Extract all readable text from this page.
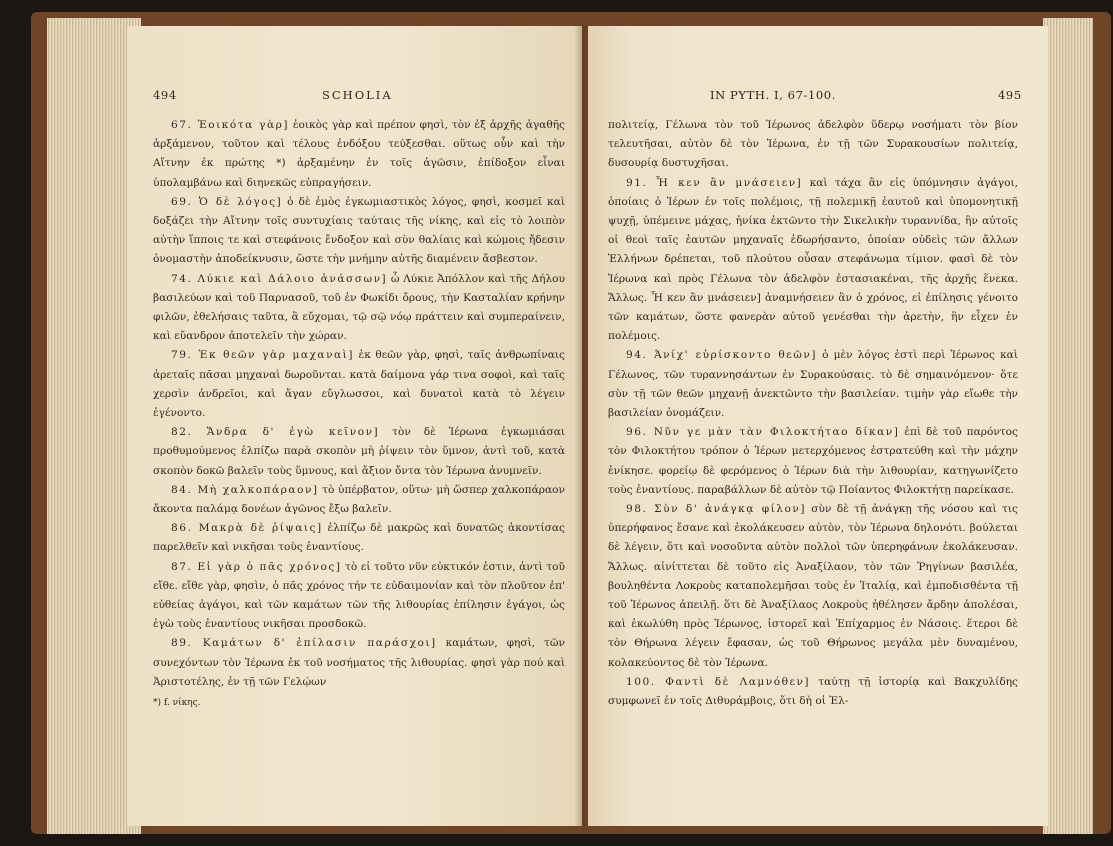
494	SCHOLIA

67. Ἐοικότα γὰρ] ἐοικὸς γὰρ καὶ πρέπον φησὶ, τὸν ἐξ ἀρχῆς ἀγαθῆς ἀρξάμενον, τοῦτον καὶ τέλους ἐνδόξου τεύξεσθαι. οὕτως οὖν καὶ τὴν Αἴτνην ἐκ πρώτης *) ἀρξαμένην ἐν τοῖς ἀγῶσιν, ἐπίδοξον εἶναι ὑπολαμβάνω καὶ διηνεκῶς εὐπραγήσειν.

69. Ὁ δὲ λόγος] ὁ δὲ ἐμὸς ἐγκωμιαστικὸς λόγος, φησὶ, κοσμεῖ καὶ δοξάζει τὴν Αἴτνην τοῖς συντυχίαις ταύταις τῆς νίκης, καὶ εἰς τὸ λοιπὸν αὐτὴν ἵπποις τε καὶ στεφάνοις ἔνδοξον καὶ σὺν θαλίαις καὶ κώμοις ἤδεσιν ὀνομαστὴν ἀποδείκνυσιν, ὥστε τὴν μνήμην αὐτῆς διαμένειν ἄσβεστον.

74. Λύκιε καὶ Δάλοιο ἀνάσσων] ὦ Λύκιε Ἀπόλλον καὶ τῆς Δήλου βασιλεύων καὶ τοῦ Παρνασοῦ, τοῦ ἐν Φωκίδι ὄρους, τὴν Κασταλίαν κρήνην φιλῶν, ἐθελήσαις ταῦτα, ἃ εὔχομαι, τῷ σῷ νόῳ πράττειν καὶ συμπεραίνειν, καὶ εὔανδρον ἀποτελεῖν τὴν χώραν.

79. Ἐκ θεῶν γὰρ μαχαναὶ] ἐκ θεῶν γὰρ, φησὶ, ταῖς ἀνθρωπίναις ἀρεταῖς πᾶσαι μηχαναὶ δωροῦνται. κατὰ δαίμονα γάρ τινα σοφοὶ, καὶ ταῖς χερσὶν ἀνδρεῖοι, καὶ ἄγαν εὔγλωσσοι, καὶ δυνατοὶ κατὰ τὸ λέγειν ἐγένοντο.

82. Ἄνδρα δ' ἐγὼ κεῖνον] τὸν δὲ Ἱέρωνα ἐγκωμιάσαι προθυμούμενος ἐλπίζω παρὰ σκοπὸν μὴ ῥίψειν τὸν ὕμνον, ἀντὶ τοῦ, κατὰ σκοπὸν δοκῶ βαλεῖν τοὺς ὕμνους, καὶ ἄξιον ὄντα τὸν Ἱέρωνα ἀνυμνεῖν.

84. Μὴ χαλκοπάραον] τὸ ὑπέρβατον, οὕτω· μὴ ὥσπερ χαλκοπάραον ἄκοντα παλάμᾳ δονέων ἀγῶνος ἔξω βαλεῖν.

86. Μακρὰ δὲ ῥίψαις] ἐλπίζω δὲ μακρῶς καὶ δυνατῶς ἀκοντίσας παρελθεῖν καὶ νικῆσαι τοὺς ἐναντίους.

87. Εἰ γὰρ ὁ πᾶς χρόνος] τὸ εἰ τοῦτο νῦν εὐκτικόν ἐστιν, ἀντὶ τοῦ εἴθε. εἴθε γὰρ, φησὶν, ὁ πᾶς χρόνος τήν τε εὐδαιμονίαν καὶ τὸν πλοῦτον ἐπ' εὐθείας ἀγάγοι, καὶ τῶν καμάτων τῶν τῆς λιθουρίας ἐπίλησιν ἐγάγοι, ὡς ἐγὼ τοὺς ἐναντίους νικῆσαι προσδοκῶ.

89. Καμάτων δ' ἐπίλασιν παράσχοι] καμάτων, φησὶ, τῶν συνεχόντων τὸν Ἱέρωνα ἐκ τοῦ νοσήματος τῆς λιθουρίας. φησὶ γὰρ πού καὶ Ἀριστοτέλης, ἐν τῇ τῶν Γελῴων

*) f. νίκης.
IN PYTH. I, 67-100.	495

πολιτείᾳ, Γέλωνα τὸν τοῦ Ἱέρωνος ἀδελφὸν ὕδερῳ νοσήματι τὸν βίον τελευτῆσαι, αὐτὸν δὲ τὸν Ἱέρωνα, ἐν τῇ τῶν Συρακουσίων πολιτείᾳ, δυσουρίᾳ δυστυχῆσαι.

91. Ἦ κεν ἂν μνάσειεν] καὶ τάχα ἂν εἰς ὑπόμνησιν ἀγάγοι, ὁποίαις ὁ Ἱέρων ἐν τοῖς πολέμοις, τῇ πολεμικῇ ἑαυτοῦ καὶ ὑπομονητικῇ ψυχῇ, ὑπέμεινε μάχας, ἡνίκα ἐκτῶντο τὴν Σικελικὴν τυραννίδα, ἣν αὐτοῖς οἱ θεοὶ ταῖς ἑαυτῶν μηχαναῖς ἐδωρήσαντο, ὁποίαν οὐδεὶς τῶν ἄλλων Ἑλλήνων δρέπεται, τοῦ πλούτου οὖσαν στεφάνωμα τίμιον. φασὶ δὲ τὸν Ἱέρωνα καὶ πρὸς Γέλωνα τὸν ἀδελφὸν ἐστασιακέναι, τῆς ἀρχῆς ἕνεκα. Ἄλλως. Ἦ κεν ἂν μνάσειεν] ἀναμνήσειεν ἂν ὁ χρόνος, εἰ ἐπίλησις γένοιτο τῶν καμάτων, ὥστε φανερὰν αὐτοῦ γενέσθαι τὴν ἀρετὴν, ἣν εἶχεν ἐν πολέμοις.

94. Ἀνίχ' εὑρίσκοντο θεῶν] ὁ μὲν λόγος ἐστὶ περὶ Ἱέρωνος καὶ Γέλωνος, τῶν τυραννησάντων ἐν Συρακούσαις. τὸ δὲ σημαινόμενον· ὅτε σὺν τῇ τῶν θεῶν μηχανῇ ἀνεκτῶντο τὴν βασιλείαν. τιμὴν γὰρ εἴωθε τὴν βασιλείαν ὀνομάζειν.

96. Νῦν γε μὰν τὰν Φιλοκτήταο δίκαν] ἐπὶ δὲ τοῦ παρόντος τὸν Φιλοκτήτου τρόπον ὁ Ἱέρων μετερχόμενος ἐστρατεύθη καὶ τὴν μάχην ἐνίκησε. φορείῳ δὲ φερόμενος ὁ Ἱέρων διὰ τὴν λιθουρίαν, κατηγωνίζετο τοὺς ἐναντίους. παραβάλλων δὲ αὐτὸν τῷ Ποίαντος Φιλοκτήτῃ παρείκασε.

98. Σὺν δ' ἀνάγκᾳ φίλον] σὺν δὲ τῇ ἀνάγκῃ τῆς νόσου καὶ τις ὑπερήφανος ἔσανε καὶ ἐκολάκευσεν αὐτὸν, τὸν Ἱέρωνα δηλονότι. βούλεται δὲ λέγειν, ὅτι καὶ νοσοῦντα αὐτὸν πολλοὶ τῶν ὑπερηφάνων ἐκολάκευσαν. Ἄλλως. αἰνίττεται δὲ τοῦτο εἰς Ἀναξίλαον, τὸν τῶν Ῥηγίνων βασιλέα, βουληθέντα Λοκροὺς καταπολεμῆσαι τοὺς ἐν Ἰταλίᾳ, καὶ ἐμποδισθέντα τῇ τοῦ Ἱέρωνος ἀπειλῇ. ὅτι δὲ Ἀναξίλαος Λοκροὺς ἠθέλησεν ἄρδην ἀπολέσαι, καὶ ἐκωλύθη πρὸς Ἱέρωνος, ἱστορεῖ καὶ Ἐπίχαρμος ἐν Νάσοις. ἕτεροι δὲ τὸν Θήρωνα λέγειν ἔφασαν, ὡς τοῦ Θήρωνος μεγάλα μὲν δυναμένου, κολακεύοντος δὲ τὸν Ἱέρωνα.

100. Φαντὶ δὲ Λαμνόθεν] ταύτῃ τῇ ἱστορίᾳ καὶ Βακχυλίδης συμφωνεῖ ἐν τοῖς Διθυράμβοις, ὅτι δὴ οἱ Ἑλ-
